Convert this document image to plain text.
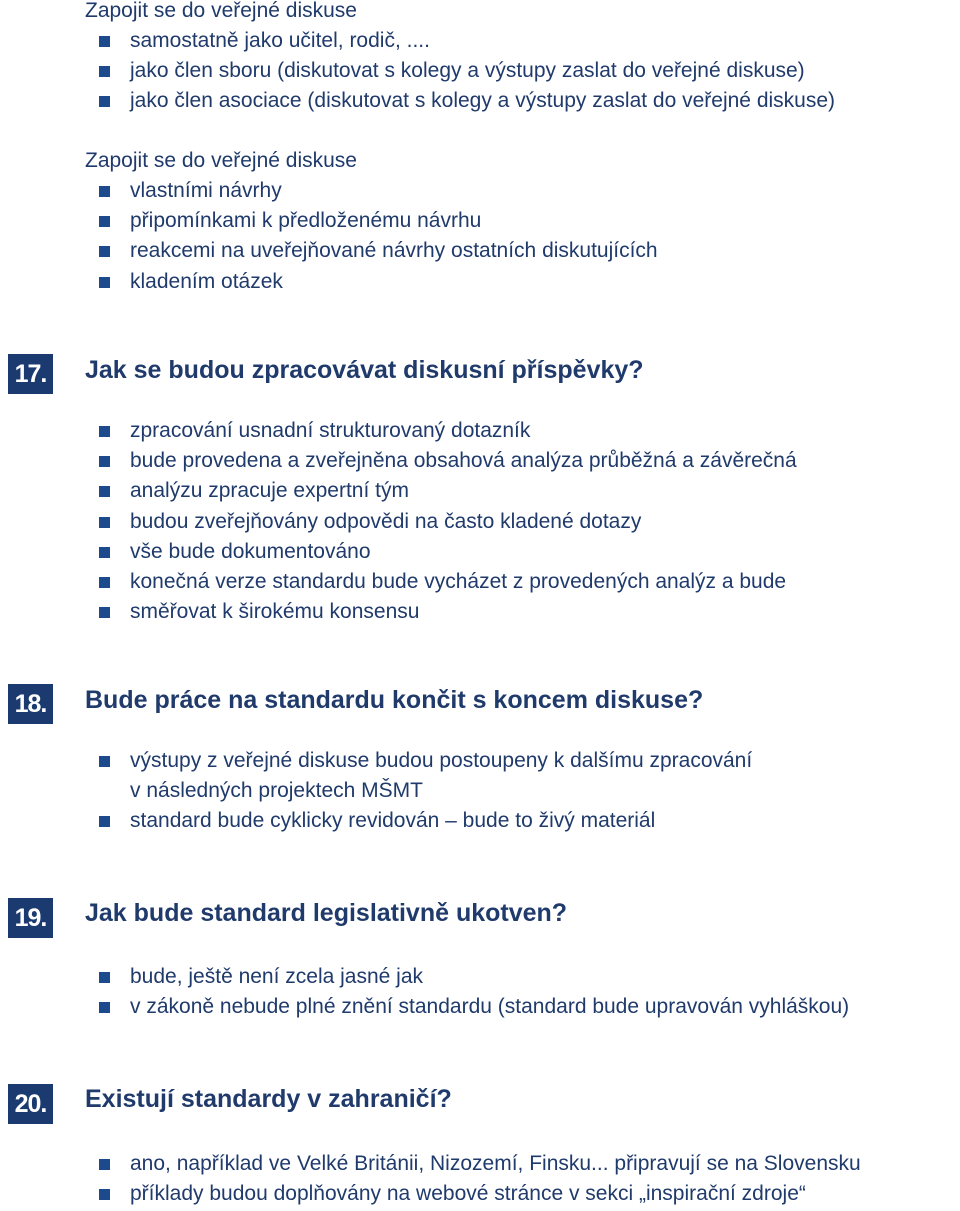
Zapojit se do veřejné diskuse
samostatně jako učitel, rodič, ....
jako člen sboru (diskutovat s kolegy a výstupy zaslat do veřejné diskuse)
jako člen asociace (diskutovat s kolegy a výstupy zaslat do veřejné diskuse)
Zapojit se do veřejné diskuse
vlastními návrhy
připomínkami k předloženému návrhu
reakcemi na uveřejňované návrhy ostatních diskutujících
kladením otázek
17. Jak se budou zpracovávat diskusní příspěvky?
zpracování usnadní strukturovaný dotazník
bude provedena a zveřejněna obsahová analýza průběžná a závěrečná
analýzu zpracuje expertní tým
budou zveřejňovány odpovědi na často kladené dotazy
vše bude dokumentováno
konečná verze standardu bude vycházet z provedených analýz a bude
směřovat k širokému konsensu
18. Bude práce na standardu končit s koncem diskuse?
výstupy z veřejné diskuse budou postoupeny k dalšímu zpracování
v následných projektech MŠMT
standard bude cyklicky revidován – bude to živý materiál
19. Jak bude standard legislativně ukotven?
bude, ještě není zcela jasné jak
v zákoně nebude plné znění standardu (standard bude upravován vyhláškou)
20. Existují standardy v zahraničí?
ano, například ve Velké Británii, Nizozemí, Finsku... připravují se na Slovensku
příklady budou doplňovány na webové stránce v sekci „inspirační zdroje“
